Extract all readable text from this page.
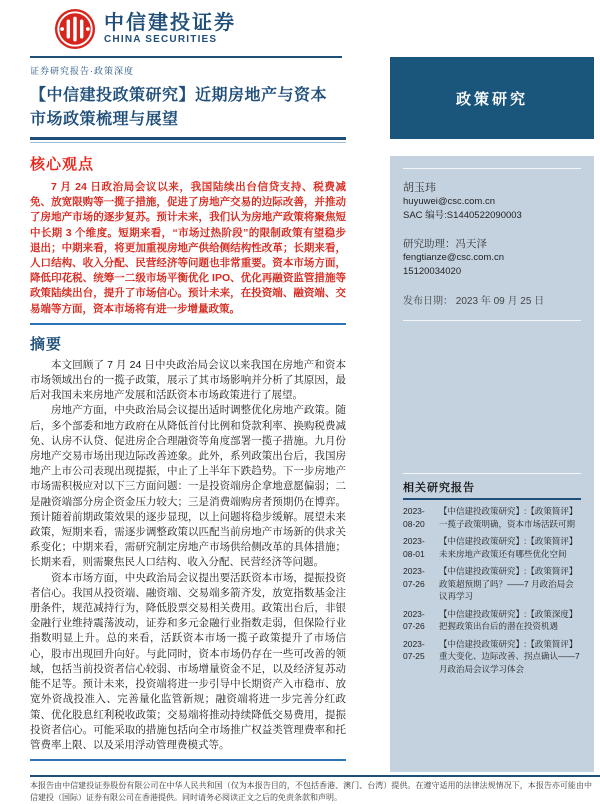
中信建投证券
CHINA SECURITIES
政策研究
证券研究报告·政策深度
【中信建投政策研究】近期房地产与资本
市场政策梳理与展望
核心观点
7 月 24 日政治局会议以来，我国陆续出台信贷支持、税费减免、放宽限购等一揽子措施，促进了房地产交易的边际改善，并推动了房地产市场的逐步复苏。预计未来，我们认为房地产政策将聚焦短中长期 3 个维度。短期来看，“市场过热阶段”的限制政策有望稳步退出；中期来看，将更加重视房地产供给侧结构性改革；长期来看，人口结构、收入分配、民营经济等问题也非常重要。资本市场方面，降低印花税、统筹一二级市场平衡优化 IPO、优化再融资监管措施等政策陆续出台，提升了市场信心。预计未来，在投资端、融资端、交易端等方面，资本市场将有进一步增量政策。
摘要

本文回顾了 7 月 24 日中央政治局会议以来我国在房地产和资本市场领域出台的一揽子政策，展示了其市场影响并分析了其原因，最后对我国未来房地产发展和活跃资本市场政策进行了展望。

房地产方面，中央政治局会议提出适时调整优化房地产政策。随后，多个部委和地方政府在从降低首付比例和贷款利率、换购税费减免、认房不认贷、促进房企合理融资等角度部署一揽子措施。九月份房地产交易市场出现边际改善迹象。此外，系列政策出台后，我国房地产上市公司表现出现提振，中止了上半年下跌趋势。下一步房地产市场需积极应对以下三方面问题：一是投资端房企拿地意愿偏弱；二是融资端部分房企资金压力较大；三是消费端购房者预期仍在博弈。预计随着前期政策效果的逐步显现，以上问题将稳步缓解。展望未来政策，短期来看，需逐步调整政策以匹配当前房地产市场新的供求关系变化；中期来看，需研究制定房地产市场供给侧改革的具体措施；长期来看，则需聚焦民人口结构、收入分配、民营经济等问题。

资本市场方面，中央政治局会议提出要活跃资本市场，提振投资者信心。我国从投资端、融资端、交易端多箭齐发，放宽指数基金注册条件，规范减持行为，降低股票交易相关费用。政策出台后，非银金融行业维持震荡波动，证券和多元金融行业指数走弱，但保险行业指数明显上升。总的来看，活跃资本市场一揽子政策提升了市场信心，股市出现回升向好。与此同时，资本市场仍存在一些可改善的领域，包括当前投资者信心较弱、市场增量资金不足，以及经济复苏动能不足等。预计未来，投资端将进一步引导中长期资产入市稳市、放宽外资战投准入、完善量化监管新规；融资端将进一步完善分红政策、优化股息红利税收政策；交易端将推动持续降低交易费用，提振投资者信心。可能采取的措施包括向全市场推广权益类管理费率和托管费率上限、以及采用浮动管理费模式等。

胡玉玮
huyuwei@csc.com.cn
SAC 编号:S1440522090003
研究助理：冯天泽
fengtianze@csc.com.cn
15120034020
发布日期： 2023 年 09 月 25 日
相关研究报告
2023-08-20
【中信建投政策研究】:【政策简评】一揽子政策明确，资本市场活跃可期
2023-08-01
【中信建投政策研究】:【政策简评】未来房地产政策还有哪些优化空间
2023-07-26
【中信建投政策研究】:【政策简评】政策超预期了吗？——7 月政治局会议再学习
2023-07-26
【中信建投政策研究】:【政策深度】把握政策出台后的潜在投资机遇
2023-07-25
【中信建投政策研究】:【政策简评】重大变化、边际改善、拐点确认——7 月政治局会议学习体会
本报告由中信建投证券股份有限公司在中华人民共和国（仅为本报告目的，不包括香港、澳门、台湾）提供。在遵守适用的法律法规情况下，本报告亦可能由中信建投（国际）证券有限公司在香港提供。同时请务必阅读正文之后的免责条款和声明。
